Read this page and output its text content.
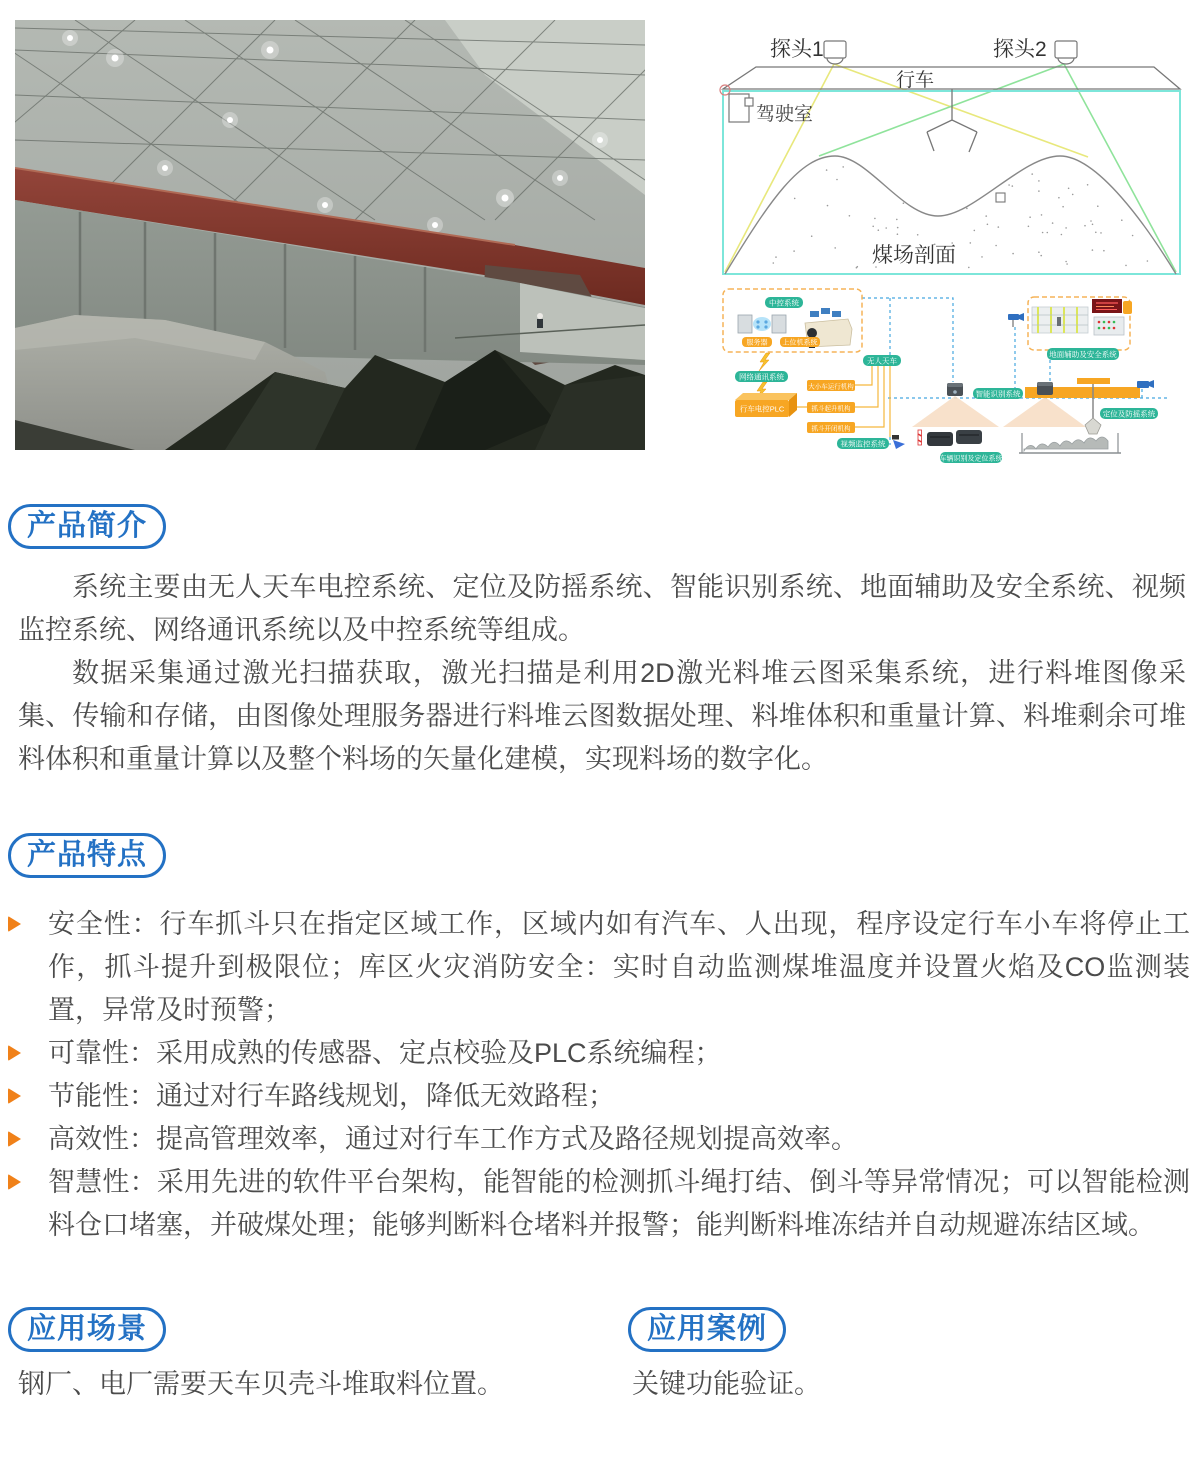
驾驶室
探头1	探头2
行车
煤场剖面
中控系统
服务器 上位机系统
网络通讯系统
行车电控PLC
大小车运行机构
抓斗起升机构
抓斗开闭机构
无人天车
视频监控系统
地面辅助及安全系统
智能识别系统
定位及防摇系统
车辆识别及定位系统
产品简介

系统主要由无人天车电控系统、定位及防摇系统、智能识别系统、地面辅助及安全系统、视频监控系统、网络通讯系统以及中控系统等组成。

数据采集通过激光扫描获取，激光扫描是利用2D激光料堆云图采集系统，进行料堆图像采集、传输和存储，由图像处理服务器进行料堆云图数据处理、料堆体积和重量计算、料堆剩余可堆料体积和重量计算以及整个料场的矢量化建模，实现料场的数字化。

产品特点
安全性：行车抓斗只在指定区域工作，区域内如有汽车、人出现，程序设定行车小车将停止工作，抓斗提升到极限位；库区火灾消防安全：实时自动监测煤堆温度并设置火焰及CO监测装置，异常及时预警；
可靠性：采用成熟的传感器、定点校验及PLC系统编程；
节能性：通过对行车路线规划，降低无效路程；
高效性：提高管理效率，通过对行车工作方式及路径规划提高效率。
智慧性：采用先进的软件平台架构，能智能的检测抓斗绳打结、倒斗等异常情况；可以智能检测料仓口堵塞，并破煤处理；能够判断料仓堵料并报警；能判断料堆冻结并自动规避冻结区域。
应用场景
钢厂、电厂需要天车贝壳斗堆取料位置。
应用案例
关键功能验证。
